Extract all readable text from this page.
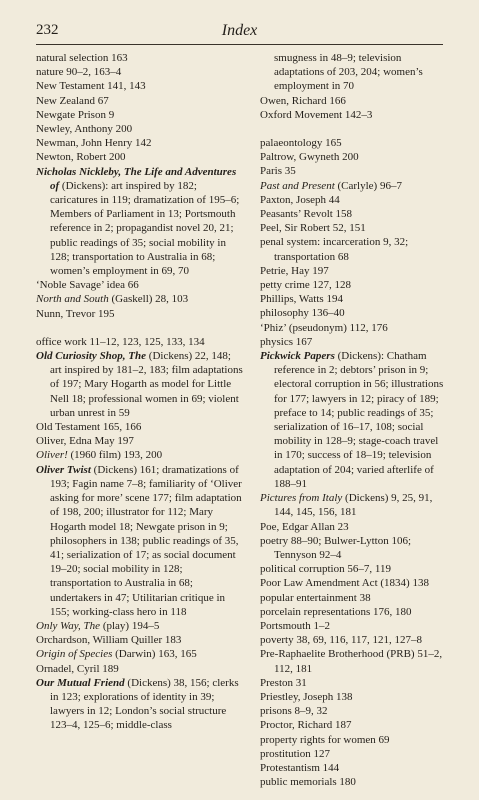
232	Index
natural selection 163
nature 90–2, 163–4
New Testament 141, 143
New Zealand 67
Newgate Prison 9
Newley, Anthony 200
Newman, John Henry 142
Newton, Robert 200
Nicholas Nickleby, The Life and Adventures of (Dickens): art inspired by 182; caricatures in 119; dramatization of 195–6; Members of Parliament in 13; Portsmouth reference in 2; propagandist novel 20, 21; public readings of 35; social mobility in 128; transportation to Australia in 68; women’s employment in 69, 70
‘Noble Savage’ idea 66
North and South (Gaskell) 28, 103
Nunn, Trevor 195
office work 11–12, 123, 125, 133, 134
Old Curiosity Shop, The (Dickens) 22, 148; art inspired by 181–2, 183; film adaptations of 197; Mary Hogarth as model for Little Nell 18; professional women in 69; violent urban unrest in 59
Old Testament 165, 166
Oliver, Edna May 197
Oliver! (1960 film) 193, 200
Oliver Twist (Dickens) 161; dramatizations of 193; Fagin name 7–8; familiarity of ‘Oliver asking for more’ scene 177; film adaptation of 198, 200; illustrator for 112; Mary Hogarth model 18; Newgate prison in 9; philosophers in 138; public readings of 35, 41; serialization of 17; as social document 19–20; social mobility in 128; transportation to Australia in 68; undertakers in 47; Utilitarian critique in 155; working-class hero in 118
Only Way, The (play) 194–5
Orchardson, William Quiller 183
Origin of Species (Darwin) 163, 165
Ornadel, Cyril 189
Our Mutual Friend (Dickens) 38, 156; clerks in 123; explorations of identity in 39; lawyers in 12; London’s social structure 123–4, 125–6; middle-class
smugness in 48–9; television adaptations of 203, 204; women’s employment in 70
Owen, Richard 166
Oxford Movement 142–3
palaeontology 165
Paltrow, Gwyneth 200
Paris 35
Past and Present (Carlyle) 96–7
Paxton, Joseph 44
Peasants’ Revolt 158
Peel, Sir Robert 52, 151
penal system: incarceration 9, 32; transportation 68
Petrie, Hay 197
petty crime 127, 128
Phillips, Watts 194
philosophy 136–40
‘Phiz’ (pseudonym) 112, 176
physics 167
Pickwick Papers (Dickens): Chatham reference in 2; debtors’ prison in 9; electoral corruption in 56; illustrations for 177; lawyers in 12; piracy of 189; preface to 14; public readings of 35; serialization of 16–17, 108; social mobility in 128–9; stage-coach travel in 170; success of 18–19; television adaptation of 204; varied afterlife of 188–91
Pictures from Italy (Dickens) 9, 25, 91, 144, 145, 156, 181
Poe, Edgar Allan 23
poetry 88–90; Bulwer-Lytton 106; Tennyson 92–4
political corruption 56–7, 119
Poor Law Amendment Act (1834) 138
popular entertainment 38
porcelain representations 176, 180
Portsmouth 1–2
poverty 38, 69, 116, 117, 121, 127–8
Pre-Raphaelite Brotherhood (PRB) 51–2, 112, 181
Preston 31
Priestley, Joseph 138
prisons 8–9, 32
Proctor, Richard 187
property rights for women 69
prostitution 127
Protestantism 144
public memorials 180
